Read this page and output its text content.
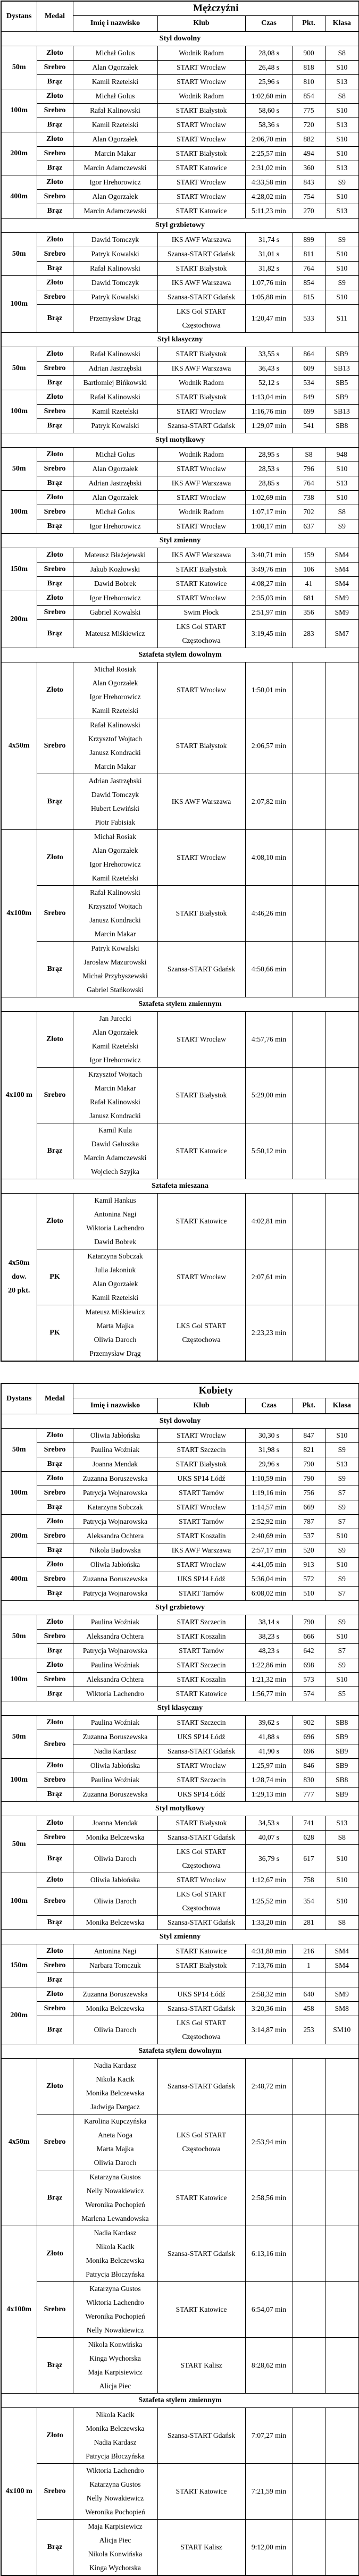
Dystans	Medal	Mężczyźni				
		Imię i nazwisko	Klub	Czas	Pkt.	Klasa
Styl dowolny						

50m	Złoto	Michał Golus	Wodnik Radom	28,08 s	900	S8
	Srebro	Alan Ogorzałek	START Wrocław	26,48 s	818	S10
	Brąz	Kamil Rzetelski	START Wrocław	25,96 s	810	S13

100m	Złoto	Michał Golus	Wodnik Radom	1:02,60 min	854	S8
	Srebro	Rafał Kalinowski	START Białystok	58,60 s	775	S10
	Brąz	Kamil Rzetelski	START Wrocław	58,36 s	720	S13

200m	Złoto	Alan Ogorzałek	START Wrocław	2:06,70 min	882	S10
	Srebro	Marcin Makar	START Białystok	2:25,57 min	494	S10
	Brąz	Marcin Adamczewski	START Katowice	2:31,02 min	360	S13

400m	Złoto	Igor Hrehorowicz	START Wrocław	4:33,58 min	843	S9
	Srebro	Alan Ogorzałek	START Wrocław	4:28,02 min	754	S10
	Brąz	Marcin Adamczewski	START Katowice	5:11,23 min	270	S13
Styl grzbietowy						

50m	Złoto	Dawid Tomczyk	IKS AWF Warszawa	31,74 s	899	S9
	Srebro	Patryk Kowalski	Szansa-START Gdańsk	31,01 s	811	S10
	Brąz	Rafał Kalinowski	START Białystok	31,82 s	764	S10

100m	Złoto	Dawid Tomczyk	IKS AWF Warszawa	1:07,76 min	854	S9
	Srebro	Patryk Kowalski	Szansa-START Gdańsk	1:05,88 min	815	S10
	Brąz	Przemysław Drąg	LKS Gol START
Częstochowa	1:20,47 min	533	S11
Styl klasyczny						

50m	Złoto	Rafał Kalinowski	START Białystok	33,55 s	864	SB9
	Srebro	Adrian Jastrzębski	IKS AWF Warszawa	36,43 s	609	SB13
	Brąz	Bartłomiej Bińkowski	Wodnik Radom	52,12 s	534	SB5

100m	Złoto	Rafał Kalinowski	START Białystok	1:13,04 min	849	SB9
	Srebro	Kamil Rzetelski	START Wrocław	1:16,76 min	699	SB13
	Brąz	Patryk Kowalski	Szansa-START Gdańsk	1:29,07 min	541	SB8
Styl motylkowy						

50m	Złoto	Michał Golus	Wodnik Radom	28,95 s	S8	948
	Srebro	Alan Ogorzałek	START Wrocław	28,53 s	796	S10
	Brąz	Adrian Jastrzębski	IKS AWF Warszawa	28,85 s	764	S13

100m	Złoto	Alan Ogorzałek	START Wrocław	1:02,69 min	738	S10
	Srebro	Michał Golus	Wodnik Radom	1:07,17 min	702	S8
	Brąz	Igor Hrehorowicz	START Wrocław	1:08,17 min	637	S9
Styl zmienny						

150m	Złoto	Mateusz Błażejewski	IKS AWF Warszawa	3:40,71 min	159	SM4
	Srebro	Jakub Kozłowski	START Białystok	3:49,76 min	106	SM4
	Brąz	Dawid Bobrek	START Katowice	4:08,27 min	41	SM4

200m	Złoto	Igor Hrehorowicz	START Wrocław	2:35,03 min	681	SM9
	Srebro	Gabriel Kowalski	Swim Płock	2:51,97 min	356	SM9
	Brąz	Mateusz Miśkiewicz	LKS Gol START
Częstochowa	3:19,45 min	283	SM7
Sztafeta stylem dowolnym						

4x50m	Złoto	Michał Rosiak
Alan Ogorzałek
Igor Hrehorowicz
Kamil Rzetelski	START Wrocław	1:50,01 min		
	Srebro	Rafał Kalinowski
Krzysztof Wojtach
Janusz Kondracki
Marcin Makar	START Białystok	2:06,57 min		
	Brąz	Adrian Jastrzębski
Dawid Tomczyk
Hubert Lewiński
Piotr Fabisiak	IKS AWF Warszawa	2:07,82 min		

4x100m	Złoto	Michał Rosiak
Alan Ogorzałek
Igor Hrehorowicz
Kamil Rzetelski	START Wrocław	4:08,10 min		
	Srebro	Rafał Kalinowski
Krzysztof Wojtach
Janusz Kondracki
Marcin Makar	START Białystok	4:46,26 min		
	Brąz	Patryk Kowalski
Jarosław Mazurowski
Michał Przybyszewski
Gabriel Stańkowski	Szansa-START Gdańsk	4:50,66 min		
Sztafeta stylem zmiennym						

4x100 m	Złoto	Jan Jurecki
Alan Ogorzałek
Kamil Rzetelski
Igor Hrehorowicz	START Wrocław	4:57,76 min		
	Srebro	Krzysztof Wojtach
Marcin Makar
Rafał Kalinowski
Janusz Kondracki	START Białystok	5:29,00 min		
	Brąz	Kamil Kula
Dawid Gałuszka
Marcin Adamczewski
Wojciech Szyjka	START Katowice	5:50,12 min		
Sztafeta mieszana						

4x50m
dow.
20 pkt.	Złoto	Kamil Hankus
Antonina Nagi
Wiktoria Lachendro
Dawid Bobrek	START Katowice	4:02,81 min		
	PK	Katarzyna Sobczak
Julia Jakoniuk
Alan Ogorzałek
Kamil Rzetelski	START Wrocław	2:07,61 min		
	PK	Mateusz Miśkiewicz
Marta Majka
Oliwia Daroch
Przemysław Drąg	LKS Gol START
Częstochowa	2:23,23 min		
Dystans	Medal	Kobiety				
		Imię i nazwisko	Klub	Czas	Pkt.	Klasa
Styl dowolny						

50m	Złoto	Oliwia Jabłońska	START Wrocław	30,30 s	847	S10
	Srebro	Paulina Woźniak	START Szczecin	31,98 s	821	S9
	Brąz	Joanna Mendak	START Białystok	29,96 s	790	S13

100m	Złoto	Zuzanna Boruszewska	UKS SP14 Łódź	1:10,59 min	790	S9
	Srebro	Patrycja Wojnarowska	START Tarnów	1:19,16 min	756	S7
	Brąz	Katarzyna Sobczak	START Wrocław	1:14,57 min	669	S9

200m	Złoto	Patrycja Wojnarowska	START Tarnów	2:52,92 min	787	S7
	Srebro	Aleksandra Ochtera	START Koszalin	2:40,69 min	537	S10
	Brąz	Nikola Badowska	IKS AWF Warszawa	2:57,17 min	520	S9

400m	Złoto	Oliwia Jabłońska	START Wrocław	4:41,05 min	913	S10
	Srebro	Zuzanna Boruszewska	UKS SP14 Łódź	5:36,04 min	572	S9
	Brąz	Patrycja Wojnarowska	START Tarnów	6:08,02 min	510	S7
Styl grzbietowy						

50m	Złoto	Paulina Woźniak	START Szczecin	38,14 s	790	S9
	Srebro	Aleksandra Ochtera	START Koszalin	38,23 s	666	S10
	Brąz	Patrycja Wojnarowska	START Tarnów	48,23 s	642	S7

100m	Złoto	Paulina Woźniak	START Szczecin	1:22,86 min	698	S9
	Srebro	Aleksandra Ochtera	START Koszalin	1:21,32 min	573	S10
	Brąz	Wiktoria Lachendro	START Katowice	1:56,77 min	574	S5
Styl klasyczny						

50m	Złoto	Paulina Woźniak	START Szczecin	39,62 s	902	SB8
	Srebro	Zuzanna Boruszewska	UKS SP14 Łódź	41,88 s	696	SB9

		Nadia Kardasz	Szansa-START Gdańsk	41,90 s	696	SB9

100m	Złoto	Oliwia Jabłońska	START Wrocław	1:25,97 min	846	SB9
	Srebro	Paulina Woźniak	START Szczecin	1:28,74 min	830	SB8
	Brąz	Zuzanna Boruszewska	UKS SP14 Łódź	1:29,13 min	777	SB9
Styl motylkowy						

50m	Złoto	Joanna Mendak	START Białystok	34,53 s	741	S13
	Srebro	Monika Belczewska	Szansa-START Gdańsk	40,07 s	628	S8
	Brąz	Oliwia Daroch	LKS Gol START
Częstochowa	36,79 s	617	S10

100m	Złoto	Oliwia Jabłońska	START Wrocław	1:12,67 min	758	S10
	Srebro	Oliwia Daroch	LKS Gol START
Częstochowa	1:25,52 min	354	S10
	Brąz	Monika Belczewska	Szansa-START Gdańsk	1:33,20 min	281	S8
Styl zmienny						

150m	Złoto	Antonina Nagi	START Katowice	4:31,80 min	216	SM4
	Srebro	Narbara Tomczuk	START Białystok	7:13,76 min	1	SM4
	Brąz	

200m	Złoto	Zuzanna Boruszewska	UKS SP14 Łódź	2:58,32 min	640	SM9
	Srebro	Monika Belczewska	Szansa-START Gdańsk	3:20,36 min	458	SM8
	Brąz	Oliwia Daroch	LKS Gol START
Częstochowa	3:14,87 min	253	SM10
Sztafeta stylem dowolnym						

4x50m	Złoto	Nadia Kardasz
Nikola Kacik
Monika Belczewska
Jadwiga Dargacz	Szansa-START Gdańsk	2:48,72 min		
	Srebro	Karolina Kupczyńska
Aneta Noga
Marta Majka
Oliwia Daroch	LKS Gol START
Częstochowa	2:53,94 min		
	Brąz	Katarzyna Gustos
Nelly Nowakiewicz
Weronika Pochopień
Marlena Lewandowska	START Katowice	2:58,56 min		

4x100m	Złoto	Nadia Kardasz
Nikola Kacik
Monika Belczewska
Patrycja Błoczyńska	Szansa-START Gdańsk	6:13,16 min		
	Srebro	Katarzyna Gustos
Wiktoria Lachendro
Weronika Pochopień
Nelly Nowakiewicz	START Katowice	6:54,07 min		
	Brąz	Nikola Konwińska
Kinga Wychorska
Maja Karpisiewicz
Alicja Piec	START Kalisz	8:28,62 min		
Sztafeta stylem zmiennym						

4x100 m	Złoto	Nikola Kacik
Monika Belczewska
Nadia Kardasz
Patrycja Błoczyńska	Szansa-START Gdańsk	7:07,27 min		
	Srebro	Wiktoria Lachendro
Katarzyna Gustos
Nelly Nowakiewicz
Weronika Pochopień	START Katowice	7:21,59 min		
	Brąz	Maja Karpisiewicz
Alicja Piec
Nikola Konwińska
Kinga Wychorska	START Kalisz	9:12,00 min		
